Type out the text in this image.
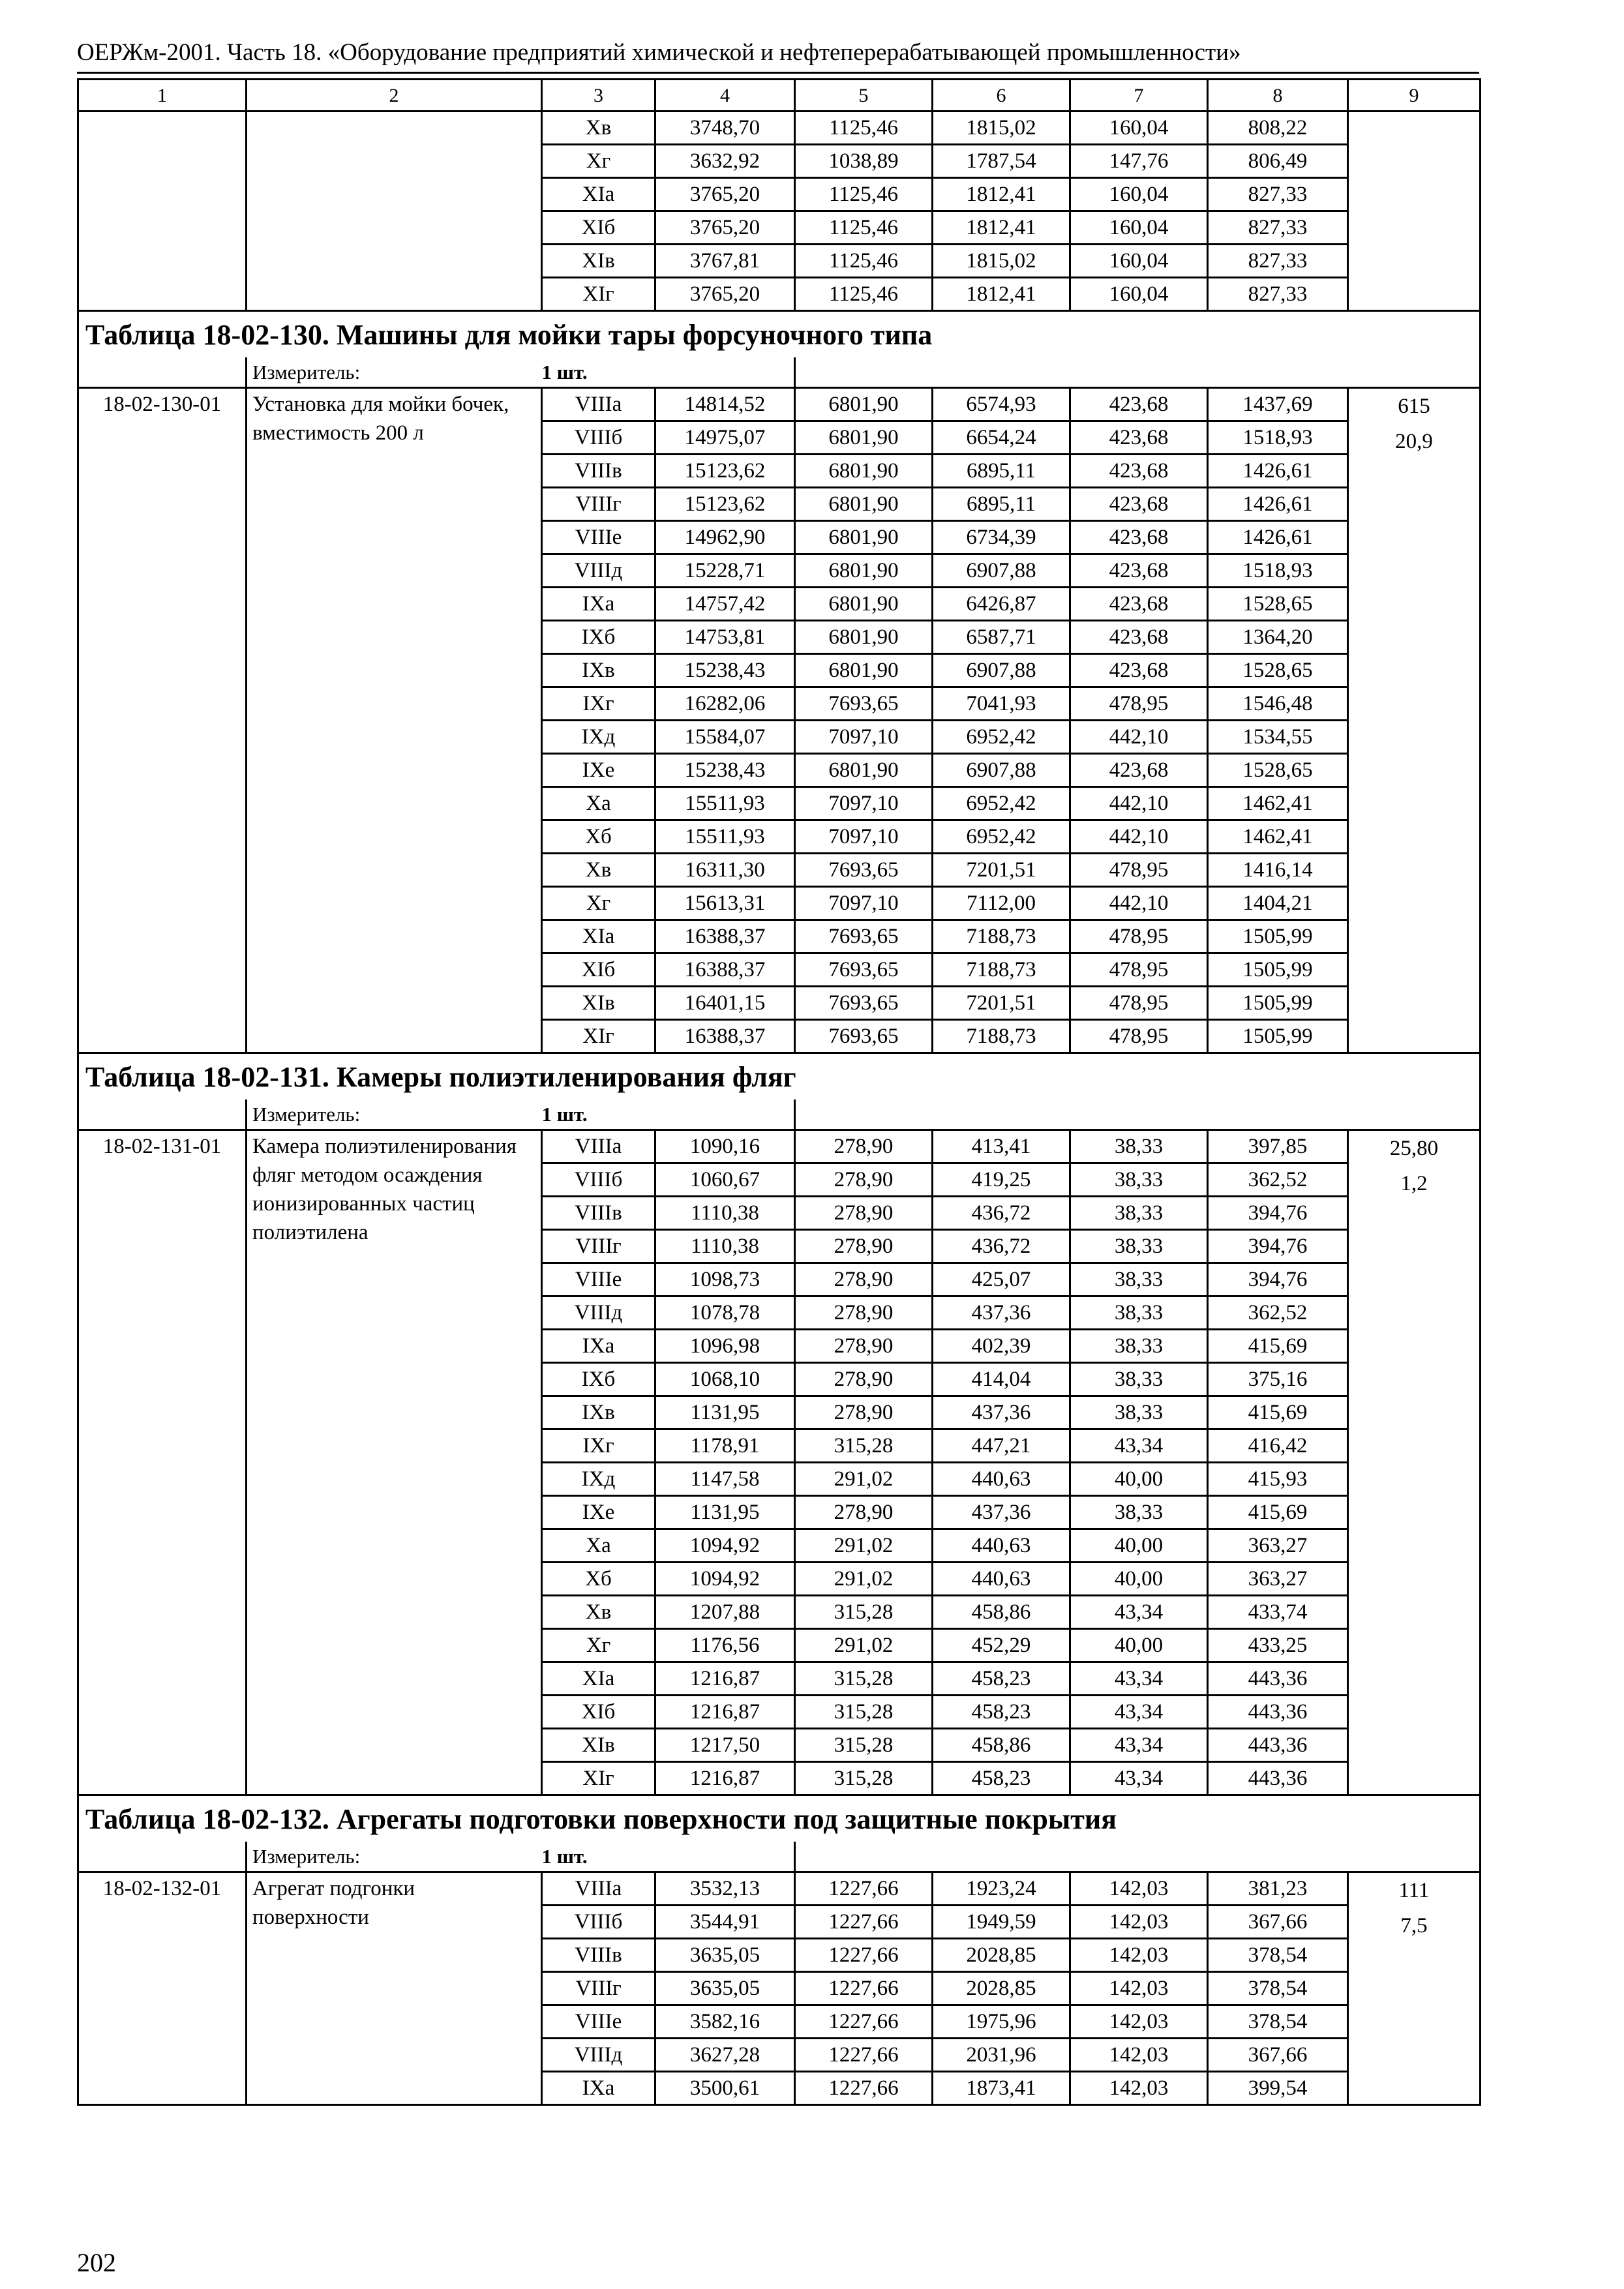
ОЕРЖм-2001. Часть 18. «Оборудование предприятий химической и нефтеперерабатывающей промышленности»
1	2	3	4	5	6	7	8	9
		Xв	3748,70	1125,46	1815,02	160,04	808,22	
		Xг	3632,92	1038,89	1787,54	147,76	806,49	
		XIa	3765,20	1125,46	1812,41	160,04	827,33	
		XIб	3765,20	1125,46	1812,41	160,04	827,33	
		XIв	3767,81	1125,46	1815,02	160,04	827,33	
		XIг	3765,20	1125,46	1812,41	160,04	827,33	
Таблица 18-02-130. Машины для мойки тары форсуночного типа								
	Измеритель:	1 шт.						
18-02-130-01	Установка для мойки бочек, вместимость 200 л	VIIIa	14814,52	6801,90	6574,93	423,68	1437,69	615
20,9

		VIIIб	14975,07	6801,90	6654,24	423,68	1518,93	
		VIIIв	15123,62	6801,90	6895,11	423,68	1426,61	
		VIIIг	15123,62	6801,90	6895,11	423,68	1426,61	
		VIIIe	14962,90	6801,90	6734,39	423,68	1426,61	
		VIIIд	15228,71	6801,90	6907,88	423,68	1518,93	
		IXa	14757,42	6801,90	6426,87	423,68	1528,65	
		IXб	14753,81	6801,90	6587,71	423,68	1364,20	
		IXв	15238,43	6801,90	6907,88	423,68	1528,65	
		IXг	16282,06	7693,65	7041,93	478,95	1546,48	
		IXд	15584,07	7097,10	6952,42	442,10	1534,55	
		IXe	15238,43	6801,90	6907,88	423,68	1528,65	
		Xa	15511,93	7097,10	6952,42	442,10	1462,41	
		Xб	15511,93	7097,10	6952,42	442,10	1462,41	
		Xв	16311,30	7693,65	7201,51	478,95	1416,14	
		Xг	15613,31	7097,10	7112,00	442,10	1404,21	
		XIa	16388,37	7693,65	7188,73	478,95	1505,99	
		XIб	16388,37	7693,65	7188,73	478,95	1505,99	
		XIв	16401,15	7693,65	7201,51	478,95	1505,99	
		XIг	16388,37	7693,65	7188,73	478,95	1505,99	
Таблица 18-02-131. Камеры полиэтиленирования фляг								
	Измеритель:	1 шт.						
18-02-131-01	Камера полиэтиленирования фляг методом осаждения ионизированных частиц полиэтилена	VIIIa	1090,16	278,90	413,41	38,33	397,85	25,80
1,2

		VIIIб	1060,67	278,90	419,25	38,33	362,52	
		VIIIв	1110,38	278,90	436,72	38,33	394,76	
		VIIIг	1110,38	278,90	436,72	38,33	394,76	
		VIIIe	1098,73	278,90	425,07	38,33	394,76	
		VIIIд	1078,78	278,90	437,36	38,33	362,52	
		IXa	1096,98	278,90	402,39	38,33	415,69	
		IXб	1068,10	278,90	414,04	38,33	375,16	
		IXв	1131,95	278,90	437,36	38,33	415,69	
		IXг	1178,91	315,28	447,21	43,34	416,42	
		IXд	1147,58	291,02	440,63	40,00	415,93	
		IXe	1131,95	278,90	437,36	38,33	415,69	
		Xa	1094,92	291,02	440,63	40,00	363,27	
		Xб	1094,92	291,02	440,63	40,00	363,27	
		Xв	1207,88	315,28	458,86	43,34	433,74	
		Xг	1176,56	291,02	452,29	40,00	433,25	
		XIa	1216,87	315,28	458,23	43,34	443,36	
		XIб	1216,87	315,28	458,23	43,34	443,36	
		XIв	1217,50	315,28	458,86	43,34	443,36	
		XIг	1216,87	315,28	458,23	43,34	443,36	
Таблица 18-02-132. Агрегаты подготовки поверхности под защитные покрытия								
	Измеритель:	1 шт.						
18-02-132-01	Агрегат подгонки поверхности	VIIIa	3532,13	1227,66	1923,24	142,03	381,23	111
7,5

		VIIIб	3544,91	1227,66	1949,59	142,03	367,66	
		VIIIв	3635,05	1227,66	2028,85	142,03	378,54	
		VIIIг	3635,05	1227,66	2028,85	142,03	378,54	
		VIIIe	3582,16	1227,66	1975,96	142,03	378,54	
		VIIIд	3627,28	1227,66	2031,96	142,03	367,66	
		IXa	3500,61	1227,66	1873,41	142,03	399,54	
202
